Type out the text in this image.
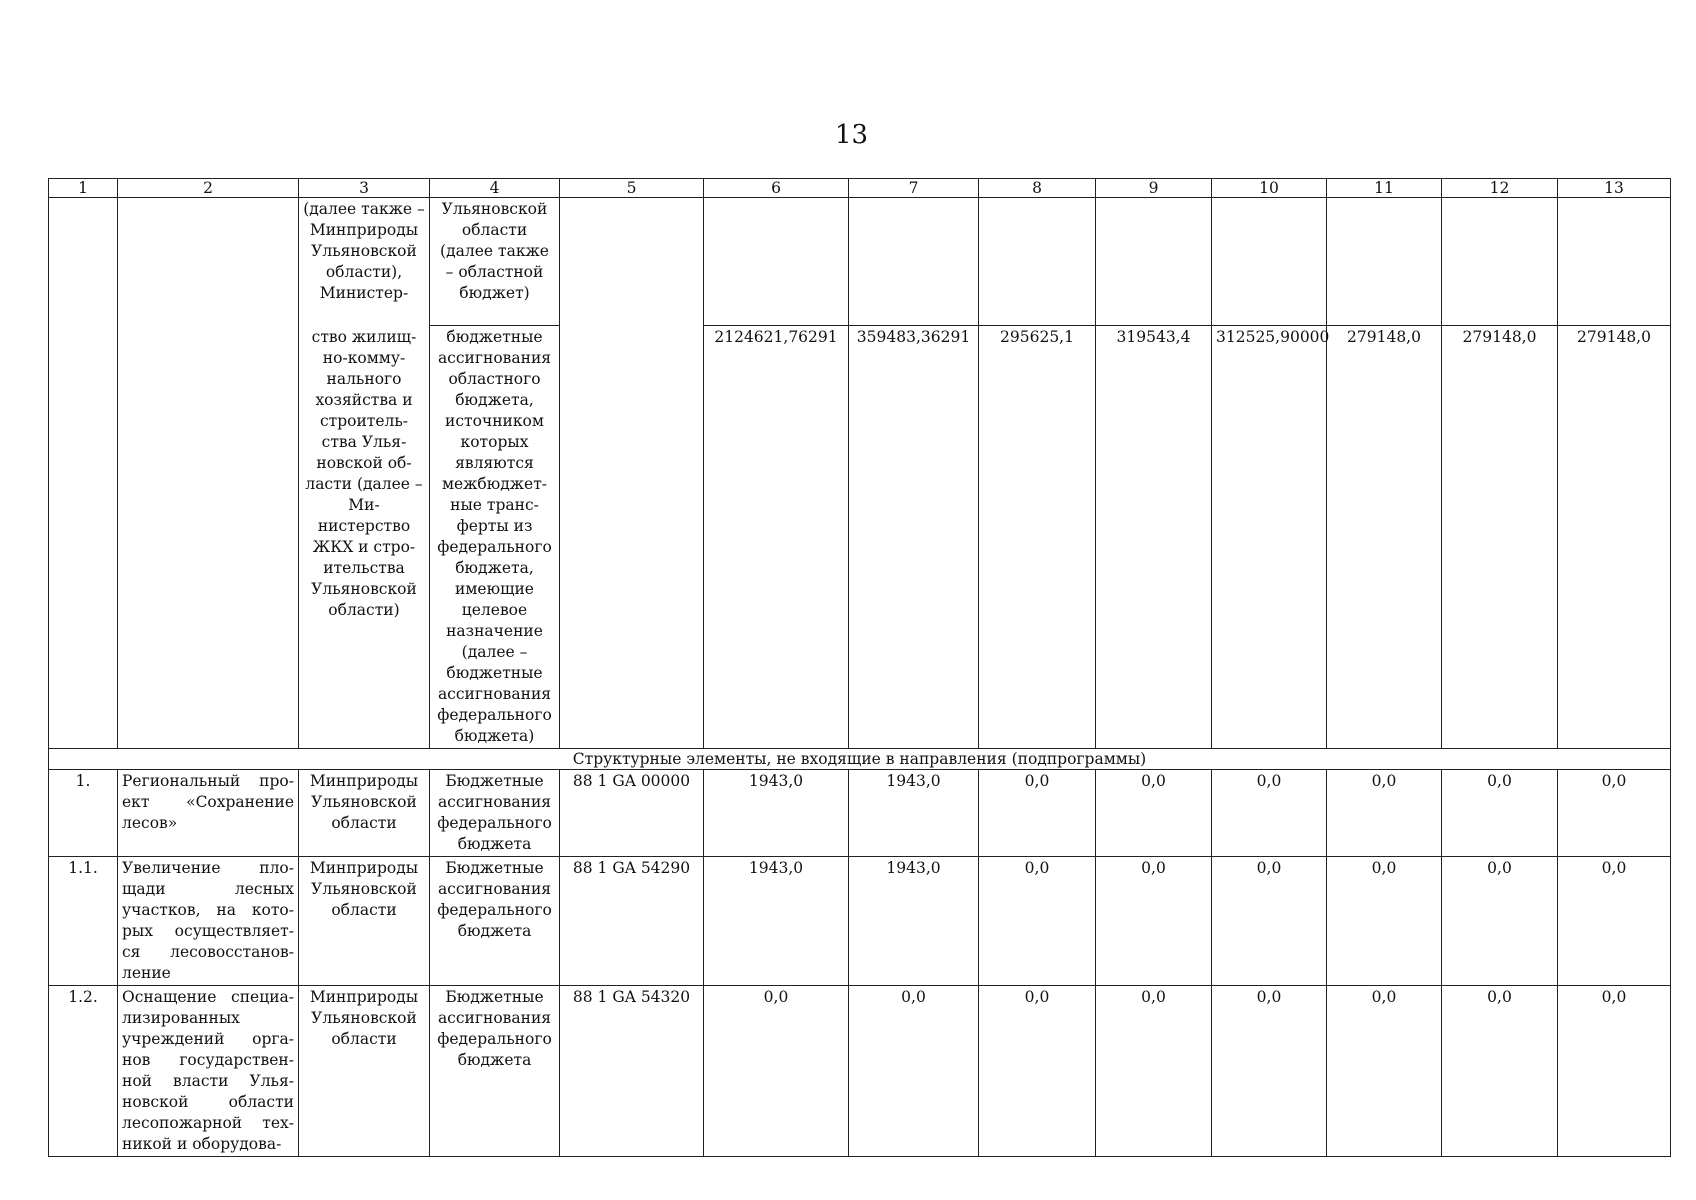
13
1	2	3	4	5	6	7	8	9	10	11	12	13
		(далее также – Минприроды Ульяновской области), Министер-	Ульяновской области (далее также – областной бюджет)									
		ство жилищ-но-комму-нального хозяйства и строитель-ства Улья-новской об-ласти (далее – Ми-нистерство ЖКХ и стро-ительства Ульяновской области)	бюджетные ассигнования областного бюджета, источником которых являются межбюджет-ные транс-ферты из федерального бюджета, имеющие целевое назначение (далее – бюджетные ассигнования федерального бюджета)		2124621,76291	359483,36291	295625,1	319543,4	312525,90000	279148,0	279148,0	279148,0
Структурные элементы, не входящие в направления (подпрограммы)												
1.	Региональный про-ект «Сохранение лесов»	Минприроды Ульяновской области	Бюджетные ассигнования федерального бюджета	88 1 GA 00000	1943,0	1943,0	0,0	0,0	0,0	0,0	0,0	0,0
1.1.	Увеличение пло-щади лесных участков, на кото-рых осуществляет-ся лесовосстанов-ление	Минприроды Ульяновской области	Бюджетные ассигнования федерального бюджета	88 1 GA 54290	1943,0	1943,0	0,0	0,0	0,0	0,0	0,0	0,0
1.2.	Оснащение специа-лизированных учреждений орга-нов государствен-ной власти Улья-новской области лесопожарной тех-никой и оборудова-	Минприроды Ульяновской области	Бюджетные ассигнования федерального бюджета	88 1 GA 54320	0,0	0,0	0,0	0,0	0,0	0,0	0,0	0,0
